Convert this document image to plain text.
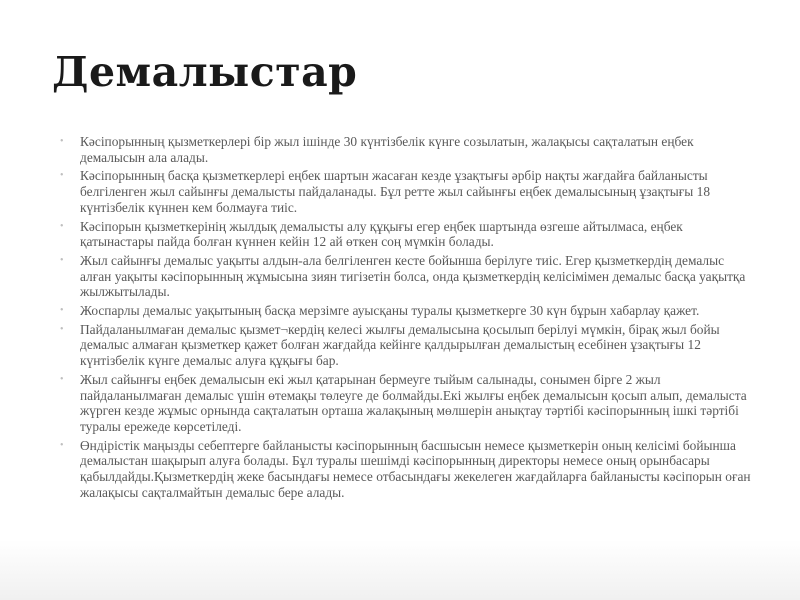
Демалыстар
• Кәсіпорынның қызметкерлері бір жыл ішінде 30 күнтізбелік күнге созылатын, жалақысы сақталатын еңбек демалысын ала алады.
• Кәсіпорынның басқа қызметкерлері еңбек шартын жасаған кезде ұзақтығы әрбір нақты жағдайға байланысты белгіленген жыл сайынғы демалысты пайдаланады. Бұл ретте жыл сайынғы еңбек демалысының ұзақтығы 18 күнтізбелік күннен кем болмауға тиіс.
• Кәсіпорын қызметкерінің жылдық демалысты алу құқығы егер еңбек шартында өзгеше айтылмаса, еңбек қатынастары пайда болған күннен кейін 12 ай өткен соң мүмкін болады.
• Жыл сайынғы демалыс уақыты алдын-ала белгіленген кесте бойынша берілуге тиіс. Егер қызметкердің демалыс алған уақыты кәсіпорынның жұмысына зиян тигізетін болса, онда қызметкердің келісімімен демалыс басқа уақытқа жылжытылады.
• Жоспарлы демалыс уақытының басқа мерзімге ауысқаны туралы қызметкерге 30 күн бұрын хабарлау қажет.
• Пайдаланылмаған демалыс қызмет¬кердің келесі жылғы демалысына қосылып берілуі мүмкін, бірақ жыл бойы демалыс алмаған қызметкер қажет болған жағдайда кейінге қалдырылған демалыстың есебінен ұзақтығы 12 күнтізбелік күнге демалыс алуға құқығы бар.
• Жыл сайынғы еңбек демалысын екі жыл қатарынан бермеуге тыйым салынады, сонымен бірге 2 жыл пайдаланылмаған демалыс үшін өтемақы төлеуге де болмайды.Екі жылғы еңбек демалысын қосып алып, демалыста жүрген кезде жұмыс орнында сақталатын орташа жалақының мөлшерін анықтау тәртібі кәсіпорынның ішкі тәртібі туралы ережеде көрсетіледі.
• Өндірістік маңызды себептерге байланысты кәсіпорынның басшысын немесе қызметкерін оның келісімі бойынша демалыстан шақырып алуға болады. Бұл туралы шешімді кәсіпорынның директоры немесе оның орынбасары қабылдайды.Қызметкердің жеке басындағы немесе отбасындағы жекелеген жағдайларға байланысты кәсіпорын оған жалақысы сақталмайтын демалыс бере алады.
